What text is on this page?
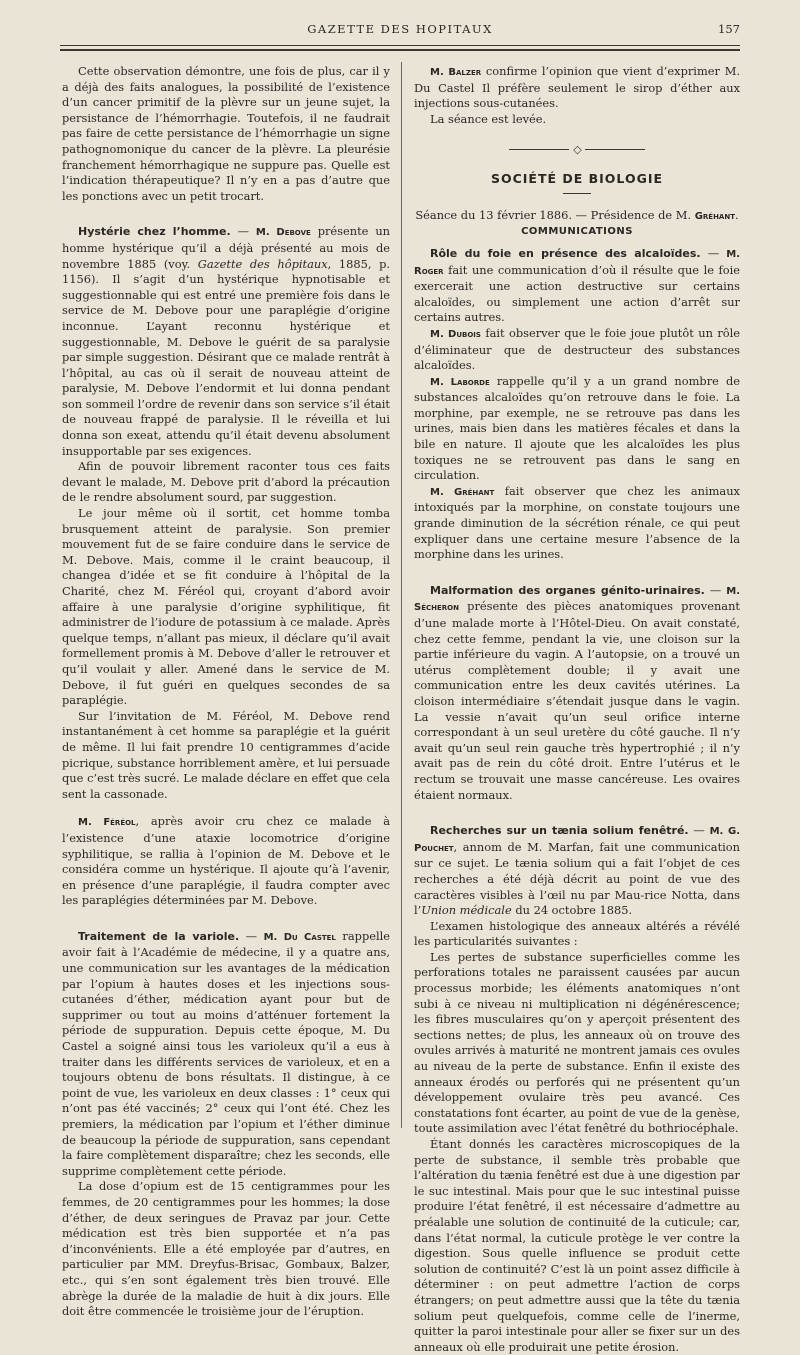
GAZETTE DES HOPITAUX	157

Cette observation démontre, une fois de plus, car il y a déjà des faits analogues, la possibilité de l’existence d’un cancer primitif de la plèvre sur un jeune sujet, la persistance de l’hémorrhagie. Toutefois, il ne faudrait pas faire de cette persistance de l’hémorrhagie un signe pathognomonique du cancer de la plèvre. La pleurésie franchement hémorrhagique ne suppure pas. Quelle est l’indication thérapeutique? Il n’y en a pas d’autre que les ponctions avec un petit trocart.

Hystérie chez l’homme. — M. Debove présente un homme hystérique qu’il a déjà présenté au mois de novembre 1885 (voy. Gazette des hôpitaux, 1885, p. 1156). Il s’agit d’un hystérique hypnotisable et suggestionnable qui est entré une première fois dans le service de M. Debove pour une paraplégie d’origine inconnue. L’ayant reconnu hystérique et suggestionnable, M. Debove le guérit de sa paralysie par simple suggestion. Désirant que ce malade rentrât à l’hôpital, au cas où il serait de nouveau atteint de paralysie, M. Debove l’endormit et lui donna pendant son sommeil l’ordre de revenir dans son service s’il était de nouveau frappé de paralysie. Il le réveilla et lui donna son exeat, attendu qu’il était devenu absolument insupportable par ses exigences.

Afin de pouvoir librement raconter tous ces faits devant le malade, M. Debove prit d’abord la précaution de le rendre absolument sourd, par suggestion.

Le jour même où il sortit, cet homme tomba brusquement atteint de paralysie. Son premier mouvement fut de se faire conduire dans le service de M. Debove. Mais, comme il le craint beaucoup, il changea d’idée et se fit conduire à l’hôpital de la Charité, chez M. Féréol qui, croyant d’abord avoir affaire à une paralysie d’origine syphilitique, fit administrer de l’iodure de potassium à ce malade. Après quelque temps, n’allant pas mieux, il déclare qu’il avait formellement promis à M. Debove d’aller le retrouver et qu’il voulait y aller. Amené dans le service de M. Debove, il fut guéri en quelques secondes de sa paraplégie.

Sur l’invitation de M. Féréol, M. Debove rend instantanément à cet homme sa paraplégie et la guérit de même. Il lui fait prendre 10 centigrammes d’acide picrique, substance horriblement amère, et lui persuade que c’est très sucré. Le malade déclare en effet que cela sent la cassonade.

M. Féréol, après avoir cru chez ce malade à l’existence d’une ataxie locomotrice d’origine syphilitique, se rallia à l’opinion de M. Debove et le considéra comme un hystérique. Il ajoute qu’à l’avenir, en présence d’une paraplégie, il faudra compter avec les paraplégies déterminées par M. Debove.

Traitement de la variole. — M. Du Castel rappelle avoir fait à l’Académie de médecine, il y a quatre ans, une communication sur les avantages de la médication par l’opium à hautes doses et les injections sous-cutanées d’éther, médication ayant pour but de supprimer ou tout au moins d’atténuer fortement la période de suppuration. Depuis cette époque, M. Du Castel a soigné ainsi tous les varioleux qu’il a eus à traiter dans les différents services de varioleux, et en a toujours obtenu de bons résultats. Il distingue, à ce point de vue, les varioleux en deux classes : 1° ceux qui n’ont pas été vaccinés; 2° ceux qui l’ont été. Chez les premiers, la médication par l’opium et l’éther diminue de beaucoup la période de suppuration, sans cependant la faire complètement disparaître; chez les seconds, elle supprime complètement cette période.

La dose d’opium est de 15 centigrammes pour les femmes, de 20 centigrammes pour les hommes; la dose d’éther, de deux seringues de Pravaz par jour. Cette médication est très bien supportée et n’a pas d’inconvénients. Elle a été employée par d’autres, en particulier par MM. Dreyfus-Brisac, Gombaux, Balzer, etc., qui s’en sont également très bien trouvé. Elle abrège la durée de la maladie de huit à dix jours. Elle doit être commencée le troisième jour de l’éruption.

M. Balzer confirme l’opinion que vient d’exprimer M. Du Castel Il préfère seulement le sirop d’éther aux injections sous-cutanées.

La séance est levée.

◇
SOCIÉTÉ DE BIOLOGIE

Séance du 13 février 1886. — Présidence de M. Gréhant.

COMMUNICATIONS

Rôle du foie en présence des alcaloïdes. — M. Roger fait une communication d’où il résulte que le foie exercerait une action destructive sur certains alcaloïdes, ou simplement une action d’arrêt sur certains autres.

M. Dubois fait observer que le foie joue plutôt un rôle d’éliminateur que de destructeur des substances alcaloïdes.

M. Laborde rappelle qu’il y a un grand nombre de substances alcaloïdes qu’on retrouve dans le foie. La morphine, par exemple, ne se retrouve pas dans les urines, mais bien dans les matières fécales et dans la bile en nature. Il ajoute que les alcaloïdes les plus toxiques ne se retrouvent pas dans le sang en circulation.

M. Gréhant fait observer que chez les animaux intoxiqués par la morphine, on constate toujours une grande diminution de la sécrétion rénale, ce qui peut expliquer dans une certaine mesure l’absence de la morphine dans les urines.

Malformation des organes génito-urinaires. — M. Sécheron présente des pièces anatomiques provenant d’une malade morte à l’Hôtel-Dieu. On avait constaté, chez cette femme, pendant la vie, une cloison sur la partie inférieure du vagin. A l’autopsie, on a trouvé un utérus complètement double; il y avait une communication entre les deux cavités utérines. La cloison intermédiaire s’étendait jusque dans le vagin. La vessie n’avait qu’un seul orifice interne correspondant à un seul uretère du côté gauche. Il n’y avait qu’un seul rein gauche très hypertrophié ; il n’y avait pas de rein du côté droit. Entre l’utérus et le rectum se trouvait une masse cancéreuse. Les ovaires étaient normaux.

Recherches sur un tænia solium fenêtré. — M. G. Pouchet, annom de M. Marfan, fait une communication sur ce sujet. Le tænia solium qui a fait l’objet de ces recherches a été déjà décrit au point de vue des caractères visibles à l’œil nu par Mau-rice Notta, dans l’Union médicale du 24 octobre 1885.

L’examen histologique des anneaux altérés a révélé les particularités suivantes :

Les pertes de substance superficielles comme les perforations totales ne paraissent causées par aucun processus morbide; les éléments anatomiques n’ont subi à ce niveau ni multiplication ni dégénérescence; les fibres musculaires qu’on y aperçoit présentent des sections nettes; de plus, les anneaux où on trouve des ovules arrivés à maturité ne montrent jamais ces ovules au niveau de la perte de substance. Enfin il existe des anneaux érodés ou perforés qui ne présentent qu’un développement ovulaire très peu avancé. Ces constatations font écarter, au point de vue de la genèse, toute assimilation avec l’état fenêtré du bothriocéphale.

Étant donnés les caractères microscopiques de la perte de substance, il semble très probable que l’altération du tænia fenêtré est due à une digestion par le suc intestinal. Mais pour que le suc intestinal puisse produire l’état fenêtré, il est nécessaire d’admettre au préalable une solution de continuité de la cuticule; car, dans l’état normal, la cuticule protège le ver contre la digestion. Sous quelle influence se produit cette solution de continuité? C’est là un point assez difficile à déterminer : on peut admettre l’action de corps étrangers; on peut admettre aussi que la tête du tænia solium peut quelquefois, comme celle de l’inerme, quitter la paroi intestinale pour aller se fixer sur un des anneaux où elle produirait une petite érosion.
